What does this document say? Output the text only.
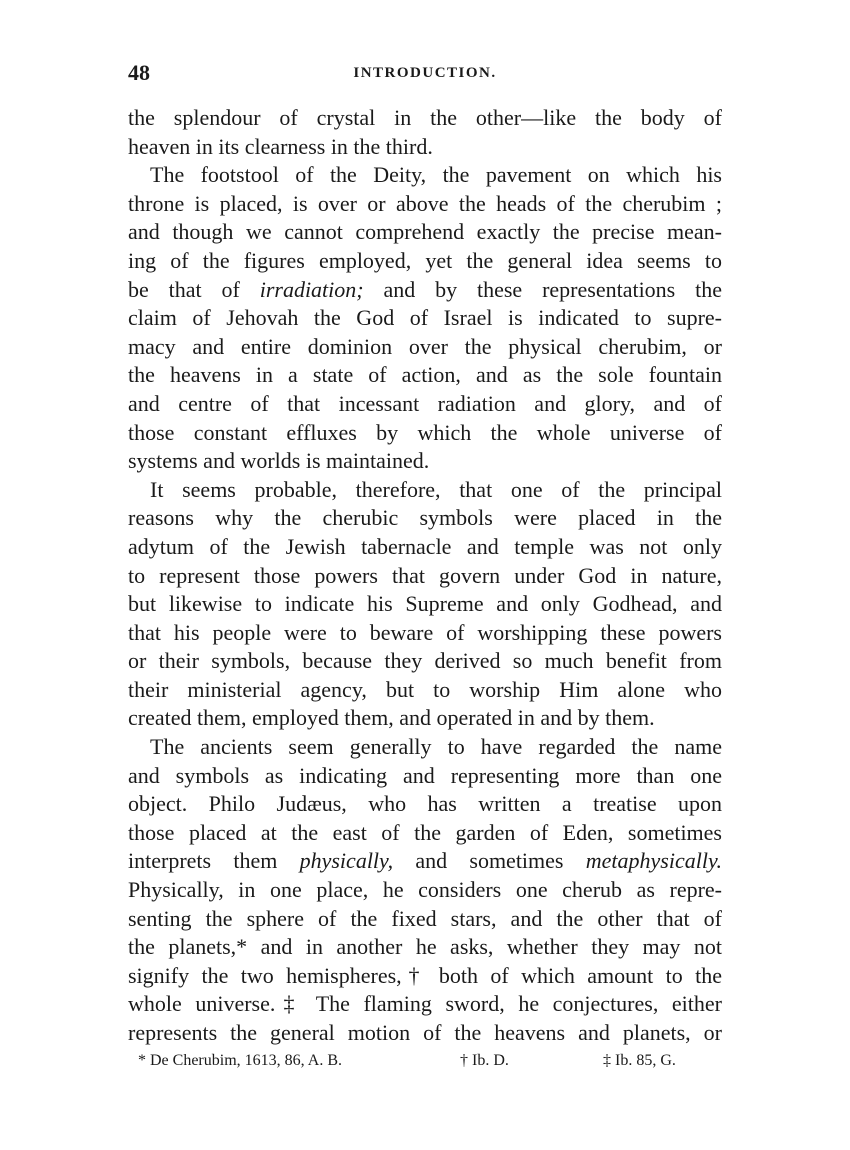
48	INTRODUCTION.
the splendour of crystal in the other—like the body of
heaven in its clearness in the third.
The footstool of the Deity, the pavement on which his
throne is placed, is over or above the heads of the cherubim ;
and though we cannot comprehend exactly the precise mean-
ing of the figures employed, yet the general idea seems to
be that of irradiation; and by these representations the
claim of Jehovah the God of Israel is indicated to supre-
macy and entire dominion over the physical cherubim, or
the heavens in a state of action, and as the sole fountain
and centre of that incessant radiation and glory, and of
those constant effluxes by which the whole universe of
systems and worlds is maintained.
It seems probable, therefore, that one of the principal
reasons why the cherubic symbols were placed in the
adytum of the Jewish tabernacle and temple was not only
to represent those powers that govern under God in nature,
but likewise to indicate his Supreme and only Godhead, and
that his people were to beware of worshipping these powers
or their symbols, because they derived so much benefit from
their ministerial agency, but to worship Him alone who
created them, employed them, and operated in and by them.
The ancients seem generally to have regarded the name
and symbols as indicating and representing more than one
object. Philo Judæus, who has written a treatise upon
those placed at the east of the garden of Eden, sometimes
interprets them physically, and sometimes metaphysically.
Physically, in one place, he considers one cherub as repre-
senting the sphere of the fixed stars, and the other that of
the planets,* and in another he asks, whether they may not
signify the two hemispheres,† both of which amount to the
whole universe.‡ The flaming sword, he conjectures, either
represents the general motion of the heavens and planets, or
* De Cherubim, 1613, 86, A. B.	† Ib. D.	‡ Ib. 85, G.
